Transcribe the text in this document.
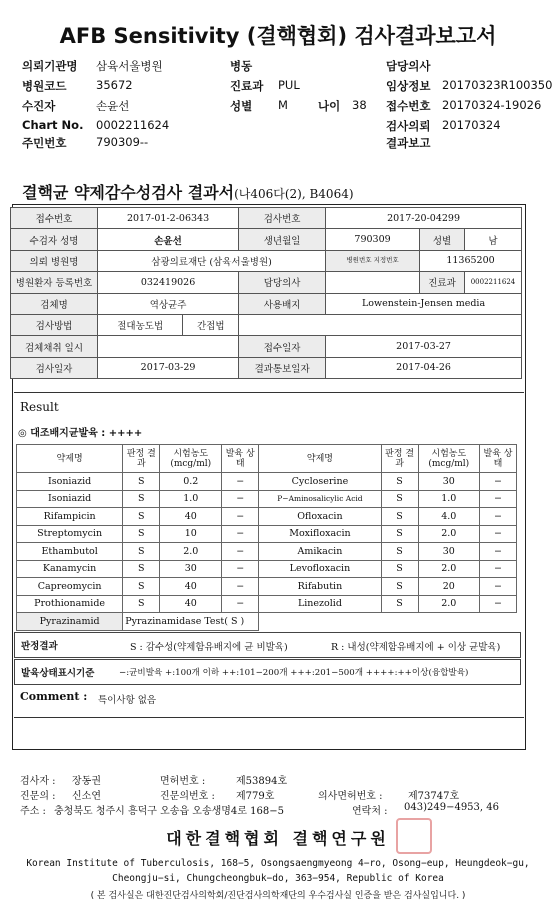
AFB Sensitivity (결핵협회) 검사결과보고서
의뢰기관명 삼육서울병원	병동	담당의사
병원코드	35672	진료과 PUL	임상정보 20170323R100350
수진자	손윤선	성별 M	나이 38 접수번호 20170324-19026
Chart No. 0002211624	검사의뢰 20170324
주민번호	790309--	결과보고
결핵균 약제감수성검사 결과서(나406다(2), B4064)
접수번호	2017-01-2-06343		검사번호	2017-20-04299		
수검자 성명	손윤선		생년월일	790309	성별	남
의뢰 병원명	삼광의료재단 (삼육서울병원)			병원번호 지정번호	11365200	
병원환자 등록번호	032419026		담당의사		진료과	0002211624
검체명	역상균주		사용배지	Lowenstein-Jensen media		
검사방법	절대농도법	간접법				
검체채취 일시			접수일자	2017-03-27		
검사일자	2017-03-29		결과통보일자	2017-04-26		
Result
◎ 대조배지균발육 : ++++
약제명	판정 결과	시험농도 (mcg/ml)	발육 상태	약제명	판정 결과	시험농도 (mcg/ml)	발육 상태
Isoniazid	S	0.2	−	Cycloserine	S	30	−
Isoniazid	S	1.0	−	P−Aminosalicylic Acid	S	1.0	−
Rifampicin	S	40	−	Ofloxacin	S	4.0	−
Streptomycin	S	10	−	Moxifloxacin	S	2.0	−
Ethambutol	S	2.0	−	Amikacin	S	30	−
Kanamycin	S	30	−	Levofloxacin	S	2.0	−
Capreomycin	S	40	−	Rifabutin	S	20	−
Prothionamide	S	40	−	Linezolid	S	2.0	−
Pyrazinamid	Pyrazinamidase Test( S )						
판정결과	S : 감수성(약제함유배지에 균 비발육)	R : 내성(약제함유배지에 + 이상 균발육)
발육상태표시기준	−:균비발육 +:100개 이하 ++:101−200개 +++:201−500개 ++++:++이상(융합발육)
Comment : 특이사항 없음
검사자 : 장동권	면허번호 :	제53894호
진문의 : 신소연	진문의번호 : 제779호	의사면허번호 :	제73747호
주소 : 충청북도 청주시 흥덕구 오송읍 오송생명4로 168−5	연락처 : 043)249−4953, 46
대한결핵협회 결핵연구원
Korean Institute of Tuberculosis, 168−5, Osongsaengmyeong 4−ro, Osong−eup, Heungdeok−gu,
Cheongju−si, Chungcheongbuk−do, 363−954, Republic of Korea
( 본 검사실은 대한진단검사의학회/진단검사의학재단의 우수검사실 인증을 받은 검사실입니다. )
